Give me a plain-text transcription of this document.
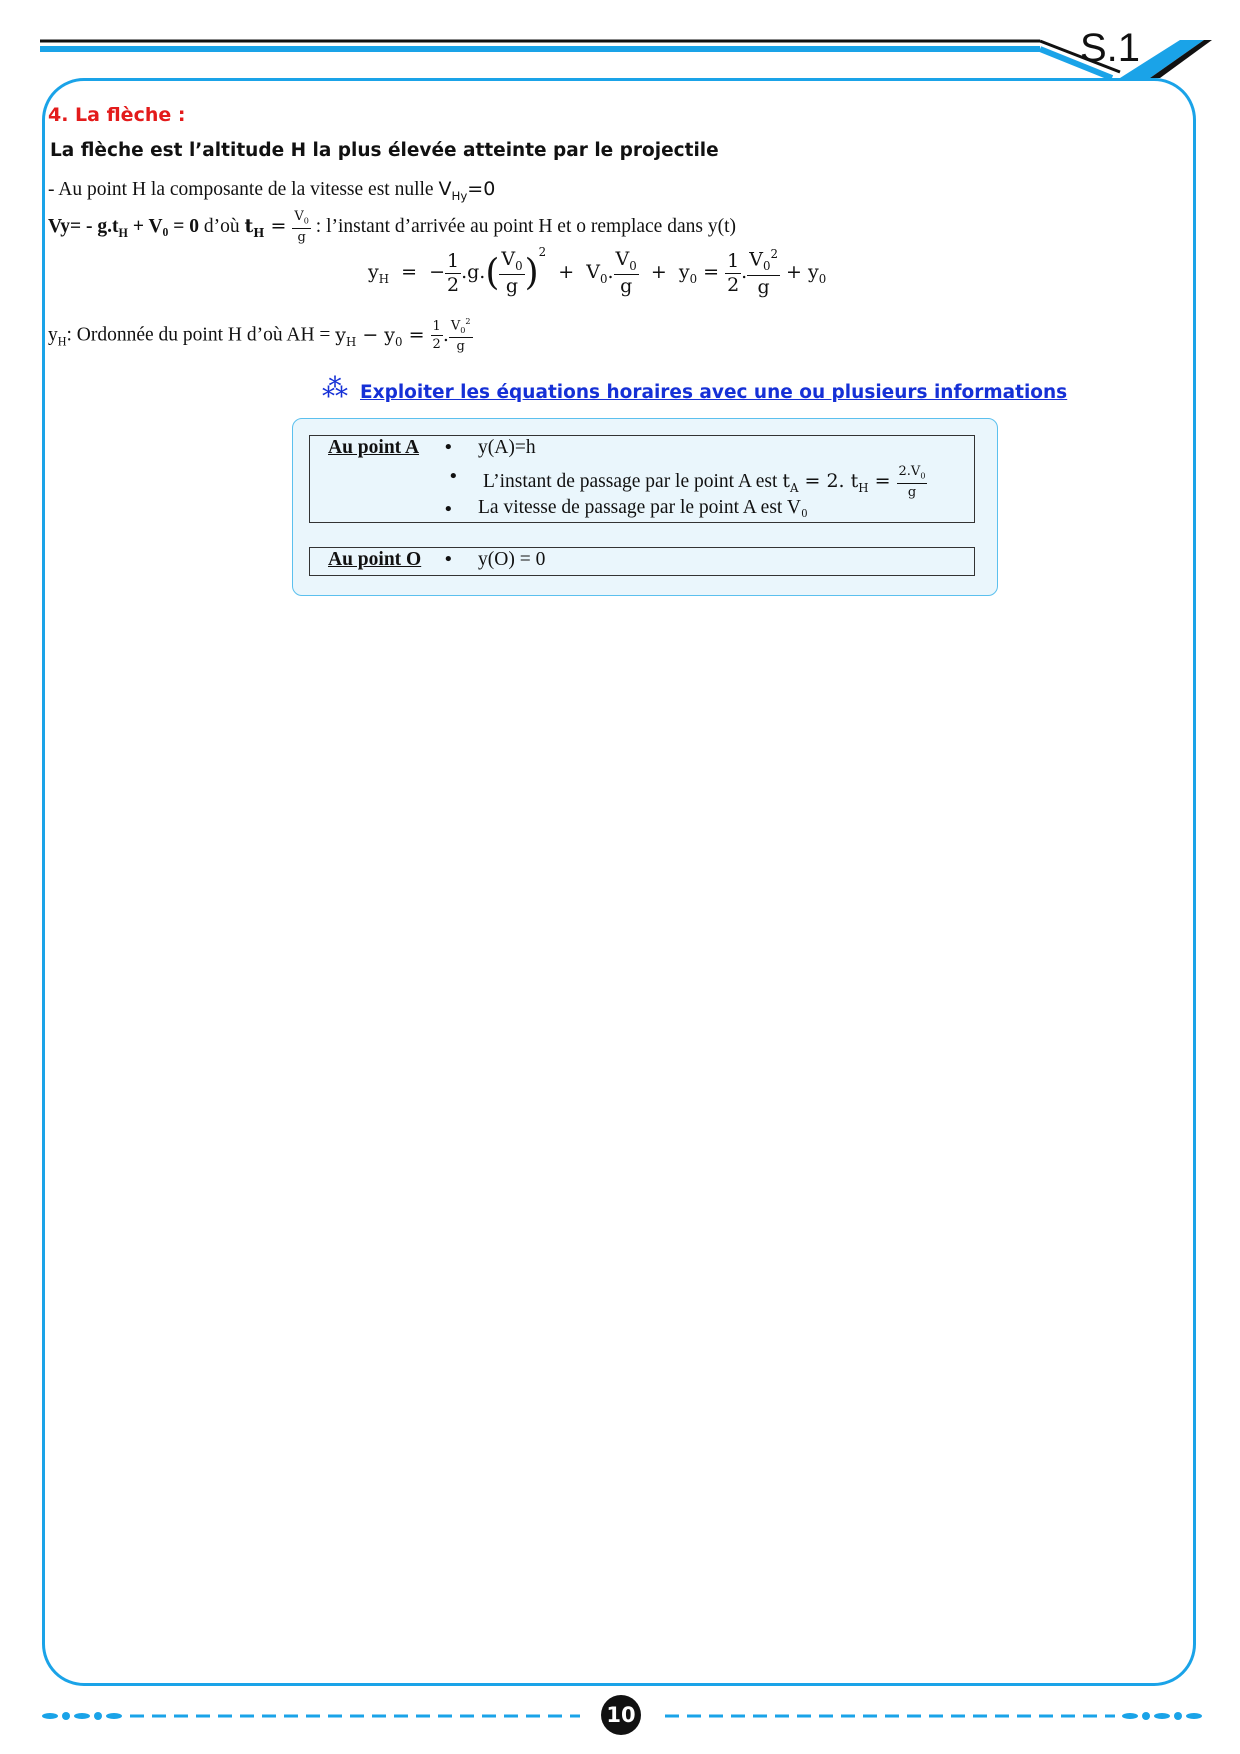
S.1
4. La flèche :
La flèche est l’altitude H la plus élevée atteinte par le projectile
- Au point H la composante de la vitesse est nulle $V_{Hy}=0$
$Vy= - g.t_H + V_0 = 0$ d’où $t_H = \frac{V_0}{g}$ : l’instant d’arrivée au point H et o remplace dans y(t)
$y_H$  =  − $\frac{1}{2} .g.( \frac{V_0}{g} )^2 + V_0$. $\frac{V_0}{g} + y_0 = \frac{1}{2}$ . $\frac{V_0^2}{g} + y_0$
$y_H$: Ordonnée du point H d’où AH = $y_H - y_0 = \frac{1}{2}$ . $\frac{V_0^2}{g}$
⁂ Exploiter les équations horaires avec une ou plusieurs informations
Au point A • y(A)=h
• L’instant de passage par le point A est $t_A = 2$. $t_H = \frac{2.V_0}{g}$
• La vitesse de passage par le point A est V₀
Au point O • y(O) = 0
10
